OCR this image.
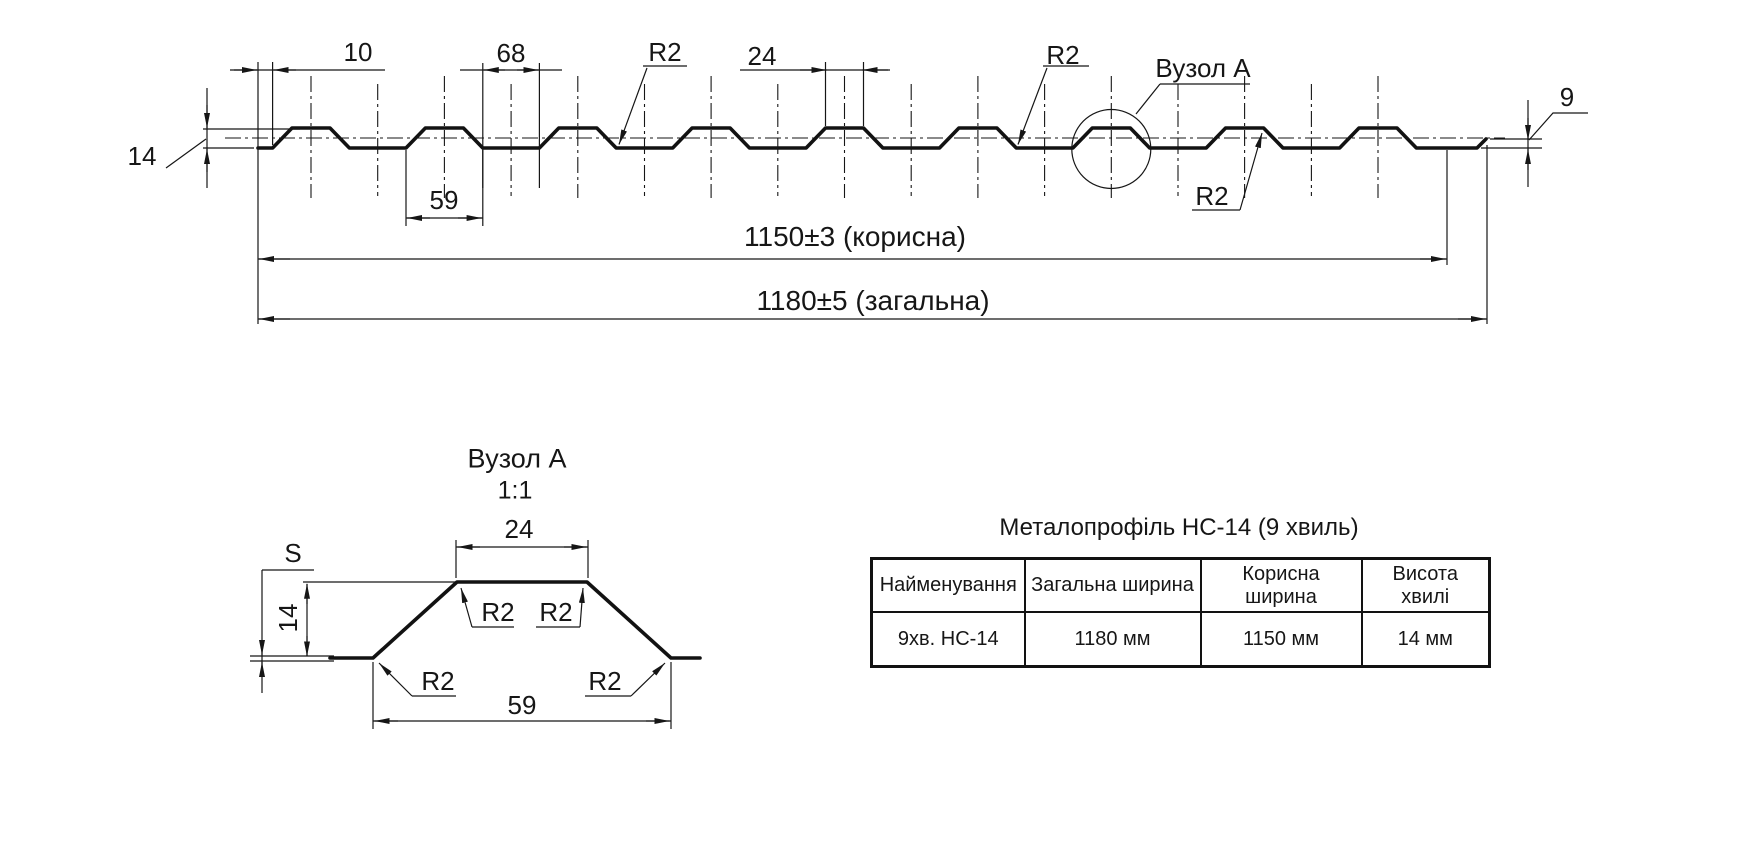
10	68	R2	24	R2	Вузол А
R2
9
14
59
1150±3 (корисна)
1180±5 (загальна)
Вузол А
1:1
24
S
14	R2 R2
R2	R2
59
Металопрофіль НС-14 (9 хвиль)
Найменування	Загальна ширина	Корисна ширина	Висота хвилі
9хв. НС-14	1180 мм	1150 мм	14 мм
